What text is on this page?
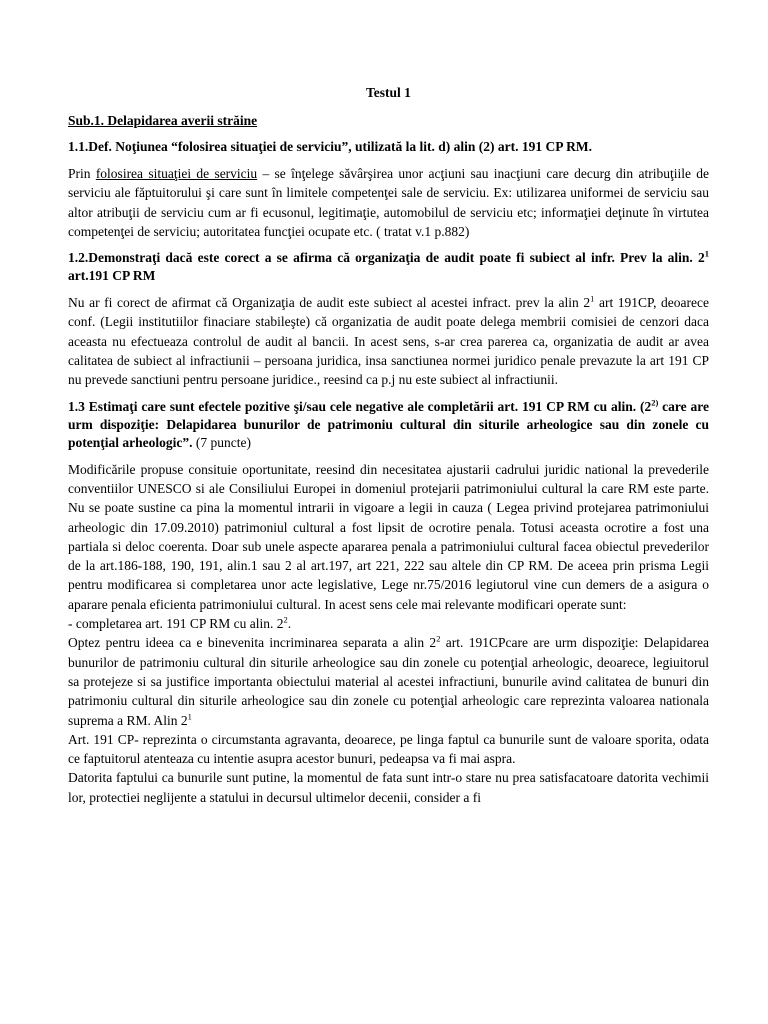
Testul 1
Sub.1. Delapidarea averii străine
1.1.Def. Noţiunea “folosirea situaţiei de serviciu”, utilizată la lit. d) alin (2) art. 191 CP RM.
Prin folosirea situaţiei de serviciu – se înţelege săvârşirea unor acţiuni sau inacţiuni care decurg din atribuţiile de serviciu ale făptuitorului şi care sunt în limitele competenţei sale de serviciu. Ex: utilizarea uniformei de serviciu sau altor atribuţii de serviciu cum ar fi ecusonul, legitimaţie, automobilul de serviciu etc; informaţiei deţinute în virtutea competenţei de serviciu; autoritatea funcţiei ocupate etc. ( tratat v.1 p.882)
1.2.Demonstraţi dacă este corect a se afirma că organizaţia de audit poate fi subiect al infr. Prev la alin. $2^1$ art.191 CP RM
Nu ar fi corect de afirmat că Organizaţia de audit este subiect al acestei infract. prev la alin $2^1$ art 191CP, deoarece conf. (Legii institutiilor finaciare stabileşte) că organizatia de audit poate delega membrii comisiei de cenzori daca aceasta nu efectueaza controlul de audit al bancii. In acest sens, s-ar crea parerea ca, organizatia de audit ar avea calitatea de subiect al infractiunii – persoana juridica, insa sanctiunea normei juridico penale prevazute la art 191 CP nu prevede sanctiuni pentru persoane juridice., reesind ca p.j nu este subiect al infractiunii.
1.3 Estimaţi care sunt efectele pozitive şi/sau cele negative ale completării art. 191 CP RM cu alin. (2$^{2)}$ care are urm dispoziţie: Delapidarea bunurilor de patrimoniu cultural din siturile arheologice sau din zonele cu potenţial arheologic”. (7 puncte)
Modificările propuse consituie oportunitate, reesind din necesitatea ajustarii cadrului juridic national la prevederile conventiilor UNESCO si ale Consiliului Europei in domeniul protejarii patrimoniului cultural la care RM este parte. Nu se poate sustine ca pina la momentul intrarii in vigoare a legii in cauza ( Legea privind protejarea patrimoniului arheologic din 17.09.2010) patrimoniul cultural a fost lipsit de ocrotire penala. Totusi aceasta ocrotire a fost una partiala si deloc coerenta. Doar sub unele aspecte apararea penala a patrimoniului cultural facea obiectul prevederilor de la art.186-188, 190, 191, alin.1 sau 2 al art.197, art 221, 222 sau altele din CP RM. De aceea prin prisma Legii pentru modificarea si completarea unor acte legislative, Lege nr.75/2016 legiutorul vine cun demers de a asigura o aparare penala eficienta patrimoniului cultural. In acest sens cele mai relevante modificari operate sunt:
- completarea art. 191 CP RM cu alin. $2^2$.
Optez pentru ideea ca e binevenita incriminarea separata a alin $2^2$ art. 191CPcare are urm dispoziţie: Delapidarea bunurilor de patrimoniu cultural din siturile arheologice sau din zonele cu potenţial arheologic, deoarece, legiuitorul sa protejeze si sa justifice importanta obiectului material al acestei infractiuni, bunurile avind calitatea de bunuri din patrimoniu cultural din siturile arheologice sau din zonele cu potenţial arheologic care reprezinta valoarea nationala suprema a RM. Alin $2^1$
Art. 191 CP- reprezinta o circumstanta agravanta, deoarece, pe linga faptul ca bunurile sunt de valoare sporita, odata ce faptuitorul atenteaza cu intentie asupra acestor bunuri, pedeapsa va fi mai aspra.
Datorita faptului ca bunurile sunt putine, la momentul de fata sunt intr-o stare nu prea satisfacatoare datorita vechimii lor, protectiei neglijente a statului in decursul ultimelor decenii, consider a fi
